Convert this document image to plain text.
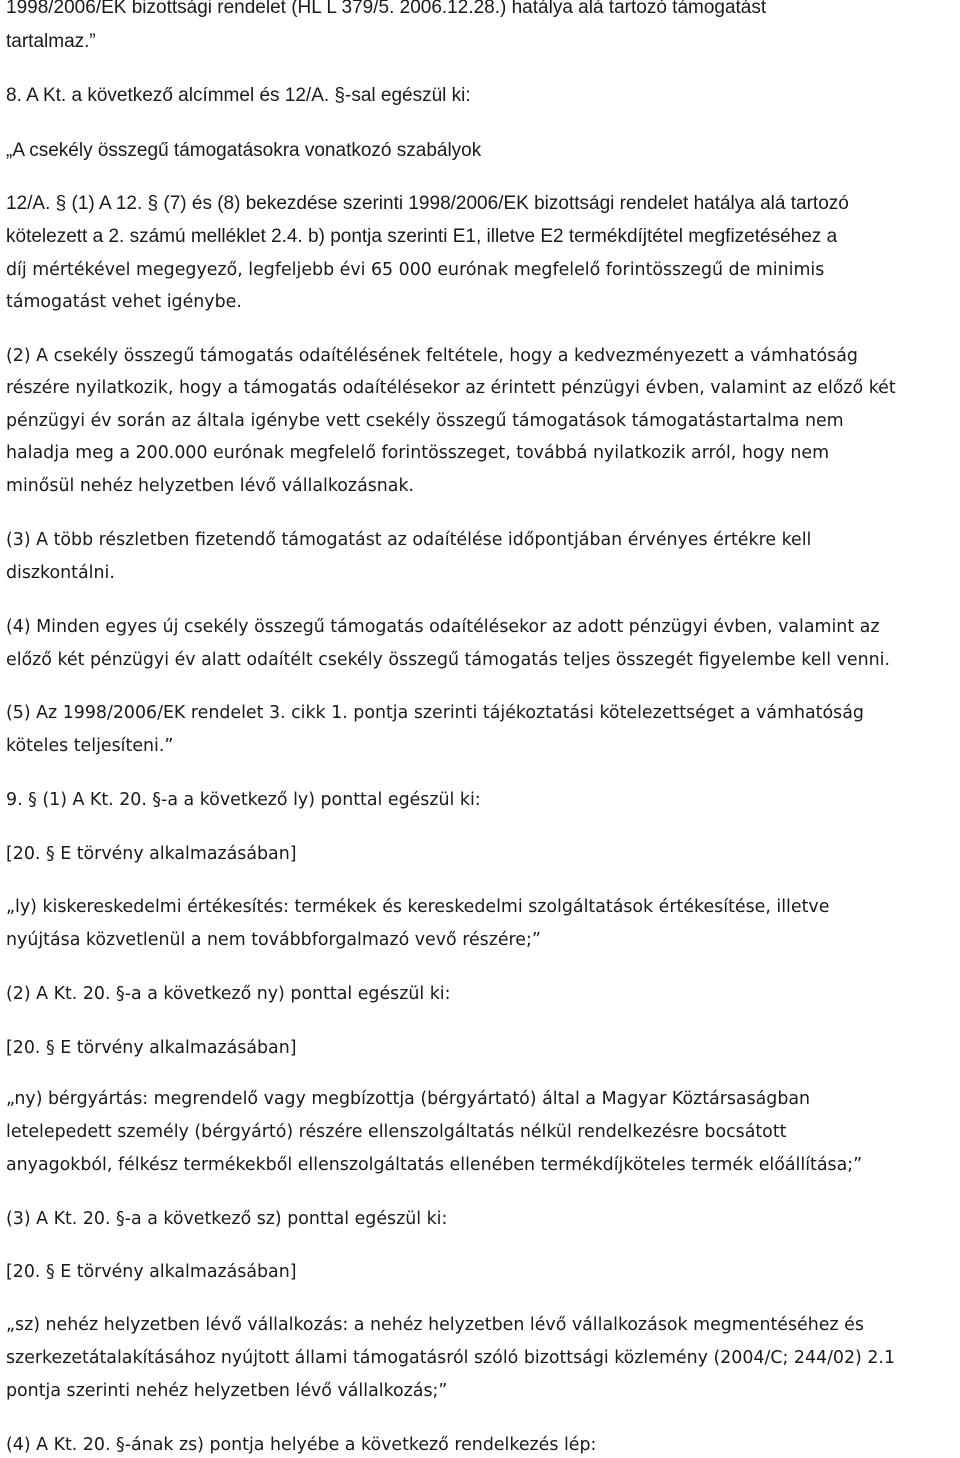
1998/2006/EK bizottsági rendelet (HL L 379/5. 2006.12.28.) hatálya alá tartozó támogatást
tartalmaz.”
8. A Kt. a következő alcímmel és 12/A. §-sal egészül ki:
„A csekély összegű támogatásokra vonatkozó szabályok
12/A. § (1) A 12. § (7) és (8) bekezdése szerinti 1998/2006/EK bizottsági rendelet hatálya alá tartozó
kötelezett a 2. számú melléklet 2.4. b) pontja szerinti E1, illetve E2 termékdíjtétel megfizetéséhez a
díj mértékével megegyező, legfeljebb évi 65 000 eurónak megfelelő forintösszegű de minimis
támogatást vehet igénybe.
(2) A csekély összegű támogatás odaítélésének feltétele, hogy a kedvezményezett a vámhatóság
részére nyilatkozik, hogy a támogatás odaítélésekor az érintett pénzügyi évben, valamint az előző két
pénzügyi év során az általa igénybe vett csekély összegű támogatások támogatástartalma nem
haladja meg a 200.000 eurónak megfelelő forintösszeget, továbbá nyilatkozik arról, hogy nem
minősül nehéz helyzetben lévő vállalkozásnak.
(3) A több részletben fizetendő támogatást az odaítélése időpontjában érvényes értékre kell
diszkontálni.
(4) Minden egyes új csekély összegű támogatás odaítélésekor az adott pénzügyi évben, valamint az
előző két pénzügyi év alatt odaítélt csekély összegű támogatás teljes összegét figyelembe kell venni.
(5) Az 1998/2006/EK rendelet 3. cikk 1. pontja szerinti tájékoztatási kötelezettséget a vámhatóság
köteles teljesíteni.”
9. § (1) A Kt. 20. §-a a következő ly) ponttal egészül ki:
[20. § E törvény alkalmazásában]
„ly) kiskereskedelmi értékesítés: termékek és kereskedelmi szolgáltatások értékesítése, illetve
nyújtása közvetlenül a nem továbbforgalmazó vevő részére;”
(2) A Kt. 20. §-a a következő ny) ponttal egészül ki:
[20. § E törvény alkalmazásában]
„ny) bérgyártás: megrendelő vagy megbízottja (bérgyártató) által a Magyar Köztársaságban
letelepedett személy (bérgyártó) részére ellenszolgáltatás nélkül rendelkezésre bocsátott
anyagokból, félkész termékekből ellenszolgáltatás ellenében termékdíjköteles termék előállítása;”
(3) A Kt. 20. §-a a következő sz) ponttal egészül ki:
[20. § E törvény alkalmazásában]
„sz) nehéz helyzetben lévő vállalkozás: a nehéz helyzetben lévő vállalkozások megmentéséhez és
szerkezetátalakításához nyújtott állami támogatásról szóló bizottsági közlemény (2004/C; 244/02) 2.1
pontja szerinti nehéz helyzetben lévő vállalkozás;”
(4) A Kt. 20. §-ának zs) pontja helyébe a következő rendelkezés lép:
